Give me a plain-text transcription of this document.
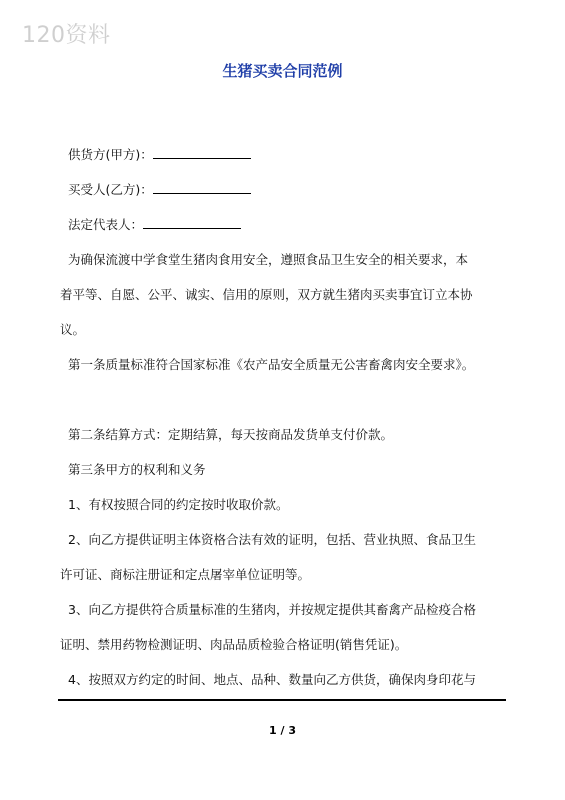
120资料
生猪买卖合同范例
供货方(甲方)：
买受人(乙方)：
法定代表人：
为确保流渡中学食堂生猪肉食用安全，遵照食品卫生安全的相关要求，本
着平等、自愿、公平、诚实、信用的原则，双方就生猪肉买卖事宜订立本协
议。
第一条质量标准符合国家标准《农产品安全质量无公害畜禽肉安全要求》。

第二条结算方式：定期结算，每天按商品发货单支付价款。
第三条甲方的权利和义务
1、有权按照合同的约定按时收取价款。
2、向乙方提供证明主体资格合法有效的证明，包括、营业执照、食品卫生
许可证、商标注册证和定点屠宰单位证明等。
3、向乙方提供符合质量标准的生猪肉，并按规定提供其畜禽产品检疫合格
证明、禁用药物检测证明、肉品品质检验合格证明(销售凭证)。
4、按照双方约定的时间、地点、品种、数量向乙方供货，确保肉身印花与
1 / 3
